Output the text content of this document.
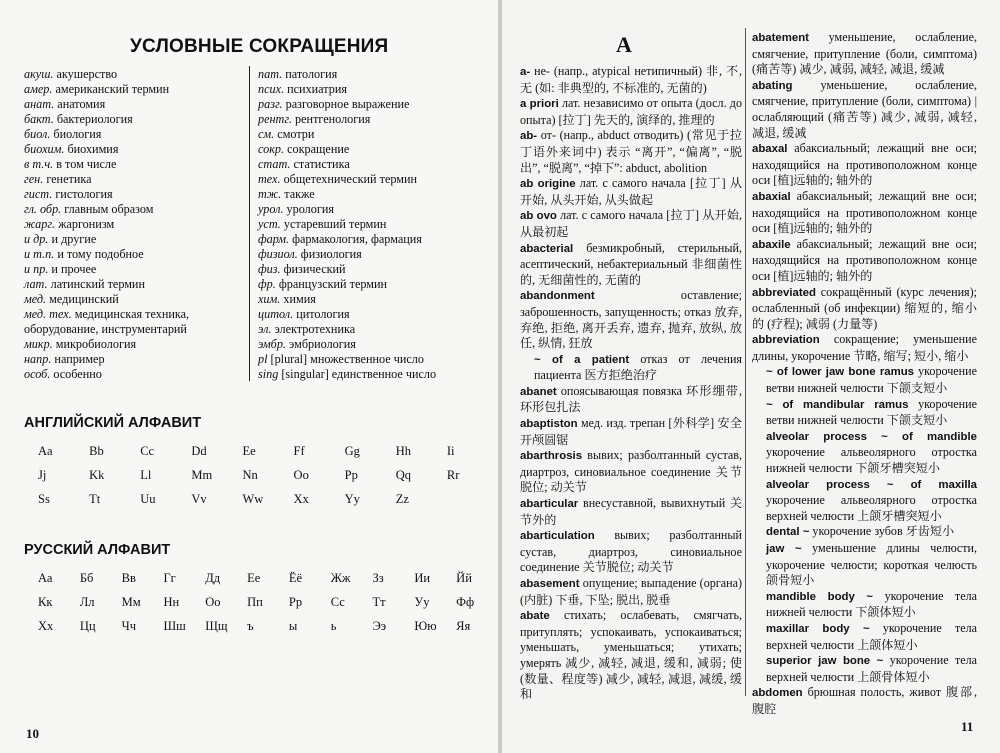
УСЛОВНЫЕ СОКРАЩЕНИЯ
акуш. акушерство
амер. американский термин
анат. анатомия
бакт. бактериология
биол. биология
биохим. биохимия
в т.ч. в том числе
ген. генетика
гист. гистология
гл. обр. главным образом
жарг. жаргонизм
и др. и другие
и т.п. и тому подобное
и пр. и прочее
лат. латинский термин
мед. медицинский
мед. тех. медицинская техника, оборудование, инструментарий
микр. микробиология
напр. например
особ. особенно
пат. патология
псих. психиатрия
разг. разговорное выражение
рентг. рентгенология
см. смотри
сокр. сокращение
стат. статистика
тех. общетехнический термин
тж. также
урол. урология
уст. устаревший термин
фарм. фармакология, фармация
физиол. физиология
физ. физический
фр. французский термин
хим. химия
цитол. цитология
эл. электротехника
эмбр. эмбриология
pl [plural] множественное число
sing [singular] единственное число
АНГЛИЙСКИЙ АЛФАВИТ
Aa	Bb	Cc	Dd	Ee	Ff	Gg	Hh	Ii
Jj	Kk	Ll	Mm	Nn	Oo	Pp	Qq	Rr
Ss	Tt	Uu	Vv	Ww	Xx	Yy	Zz
РУССКИЙ АЛФАВИТ
Аа	Бб	Вв	Гг	Дд	Ее	Ёё	Жж	Зз	Ии	Йй
Кк	Лл	Мм	Нн	Оо	Пп	Рр	Сс	Тт	Уу	Фф
Хх	Цц	Чч	Шш	Щщ	ъ	ы	ь	Ээ	Юю	Яя
10
A

a- не- (напр., atypical нетипичный) 非, 不, 无 (如: 非典型的, 不标准的, 无菌的)

a priori лат. независимо от опыта (досл. до опыта) [拉丁] 先天的, 演绎的, 推理的

ab- от- (напр., abduct отводить) (常见于拉丁语外来词中) 表示 “离开”, “偏离”, “脱出”, “脱离”, “掉下”: abduct, abolition

ab origine лат. с самого начала [拉丁] 从开始, 从头开始, 从头做起

ab ovo лат. с самого начала [拉丁] 从开始, 从最初起

abacterial безмикробный, стерильный, асептический, небактериальный 非细菌性的, 无细菌性的, 无菌的

abandonment	оставление; заброшенность, запущенность; отказ 放弃, 弃绝, 拒绝, 离开丢弃, 遗弃, 抛弃, 放纵, 放任, 纵情, 狂放

~ of a patient отказ от лечения пациента 医方拒绝治疗

abanet опоясывающая повязка 环形绷带, 环形包扎法

abaptiston мед. изд. трепан [外科学] 安全开颅圆锯

abarthrosis вывих; разболтанный сустав, диартроз, синовиальное соединение 关节脱位; 动关节

abarticular внесуставной, вывихнутый 关节外的

abarticulation вывих; разболтанный сустав, диартроз, синовиальное соединение 关节脱位; 动关节

abasement опущение; выпадение (органа) (内脏) 下垂, 下坠; 脱出, 脱垂

abate стихать; ослабевать, смягчать, притуплять; успокаивать, успокаиваться; уменьшать, уменьшаться; утихать; умерять 减少, 减轻, 减退, 缓和, 减弱; 使 (数量、程度等) 减少, 减轻, 减退, 减缓, 缓和

abatement уменьшение, ослабление, смягчение, притупление (боли, симптома) (痛苦等) 减少, 减弱, 减轻, 减退, 缓减

abating уменьшение, ослабление, смягчение, притупление (боли, симптома) | ослабляющий (痛苦等) 减少, 减弱, 减轻, 减退, 缓减

abaxal абаксиальный; лежащий вне оси; находящийся на противоположном конце оси [植]远轴的; 轴外的

abaxial абаксиальный; лежащий вне оси; находящийся на противоположном конце оси [植]远轴的; 轴外的

abaxile абаксиальный; лежащий вне оси; находящийся на противоположном конце оси [植]远轴的; 轴外的

abbreviated сокращённый (курс лечения); ослабленный (об инфекции) 缩短的, 缩小的 (疗程); 减弱 (力量等)

abbreviation сокращение; уменьшение длины, укорочение 节略, 缩写; 短小, 缩小

~ of lower jaw bone ramus укорочение ветви нижней челюсти 下颌支短小

~ of mandibular ramus укорочение ветви нижней челюсти 下颌支短小

alveolar process ~ of mandible укорочение альвеолярного отростка нижней челюсти 下颌牙槽突短小

alveolar process ~ of maxilla укорочение альвеолярного отростка верхней челюсти 上颌牙槽突短小

dental ~ укорочение зубов 牙齿短小

jaw ~ уменьшение длины челюсти, укорочение челюсти; короткая челюсть 颌骨短小

mandible body ~ укорочение тела нижней челюсти 下颌体短小

maxillar body ~ укорочение тела верхней челюсти 上颌体短小

superior jaw bone ~ укорочение тела верхней челюсти 上颌骨体短小

abdomen брюшная полость, живот 腹部, 腹腔

11
